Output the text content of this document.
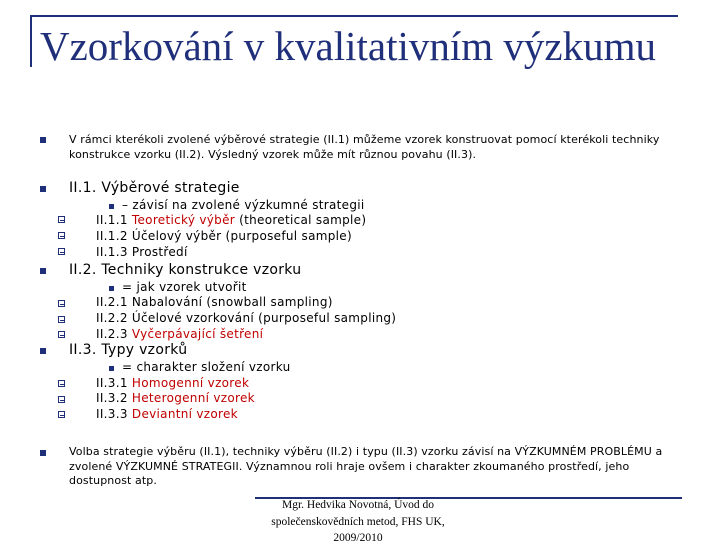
Vzorkování v kvalitativním výzkumu
V rámci kterékoli zvolené výběrové strategie (II.1) můžeme vzorek konstruovat pomocí kterékoli techniky
konstrukce vzorku (II.2). Výsledný vzorek může mít různou povahu (II.3).
II.1. Výběrové strategie
– závisí na zvolené výzkumné strategii
II.1.1 Teoretický výběr (theoretical sample)
II.1.2 Účelový výběr (purposeful sample)
II.1.3 Prostředí
II.2. Techniky konstrukce vzorku
= jak vzorek utvořit
II.2.1 Nabalování (snowball sampling)
II.2.2 Účelové vzorkování (purposeful sampling)
II.2.3 Vyčerpávající šetření
II.3. Typy vzorků
= charakter složení vzorku
II.3.1 Homogenní vzorek
II.3.2 Heterogenní vzorek
II.3.3 Deviantní vzorek
Volba strategie výběru (II.1), techniky výběru (II.2) i typu (II.3) vzorku závisí na VÝZKUMNÉM PROBLÉMU a
zvolené VÝZKUMNÉ STRATEGII. Významnou roli hraje ovšem i charakter zkoumaného prostředí, jeho
dostupnost atp.
Mgr. Hedvika Novotná, Úvod do
společenskovědních metod, FHS UK,
2009/2010
